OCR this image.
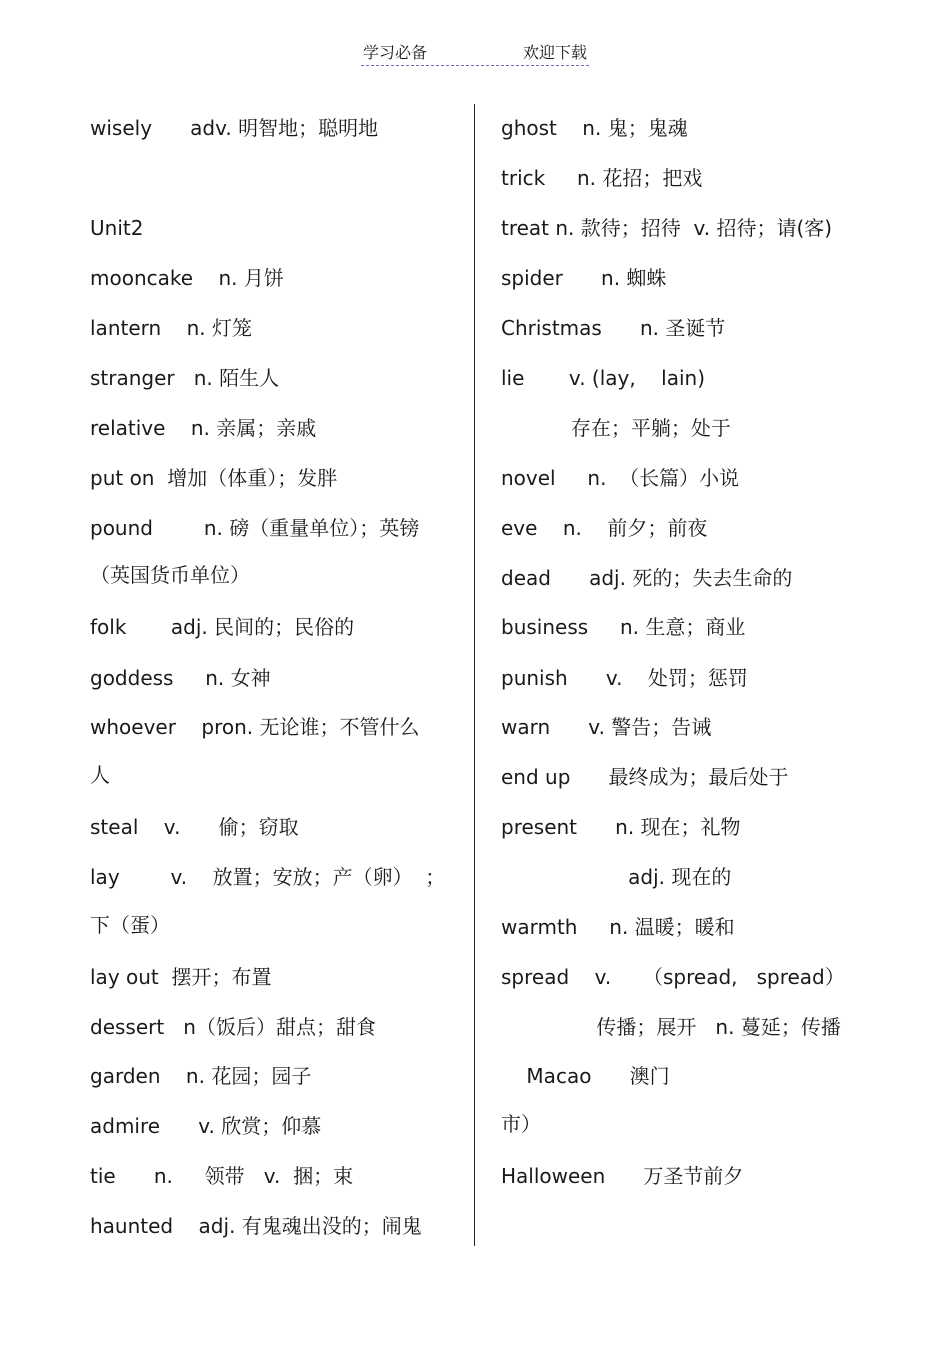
学习必备	欢迎下载
wisely      adv. 明智地；聪明地
Unit2
mooncake    n. 月饼
lantern    n. 灯笼
stranger   n. 陌生人
relative    n. 亲属；亲戚
put on  增加（体重）；发胖
pound        n. 磅（重量单位）；英镑
（英国货币单位）
folk       adj. 民间的；民俗的
goddess     n. 女神
whoever    pron. 无论谁；不管什么
人
steal    v.      偷；窃取
lay        v.    放置；安放；产（卵）  ；
下（蛋）
lay out  摆开；布置
dessert   n（饭后）甜点；甜食
garden    n. 花园；园子
admire      v. 欣赏；仰慕
tie      n.     领带   v.  捆；束
haunted    adj. 有鬼魂出没的；闹鬼
ghost    n. 鬼；鬼魂
trick     n. 花招；把戏
treat n. 款待；招待  v. 招待；请(客)
spider      n. 蜘蛛
Christmas      n. 圣诞节
lie       v. (lay,    lain)
存在；平躺；处于
novel     n.  （长篇）小说
eve    n.    前夕；前夜
dead      adj. 死的；失去生命的
business     n. 生意；商业
punish      v.    处罚；惩罚
warn      v. 警告；告诫
end up      最终成为；最后处于
present      n. 现在；礼物
adj. 现在的
warmth     n. 温暖；暖和
spread    v.     （spread,   spread）
传播；展开   n. 蔓延；传播
Macao      澳门
市）
Halloween      万圣节前夕
